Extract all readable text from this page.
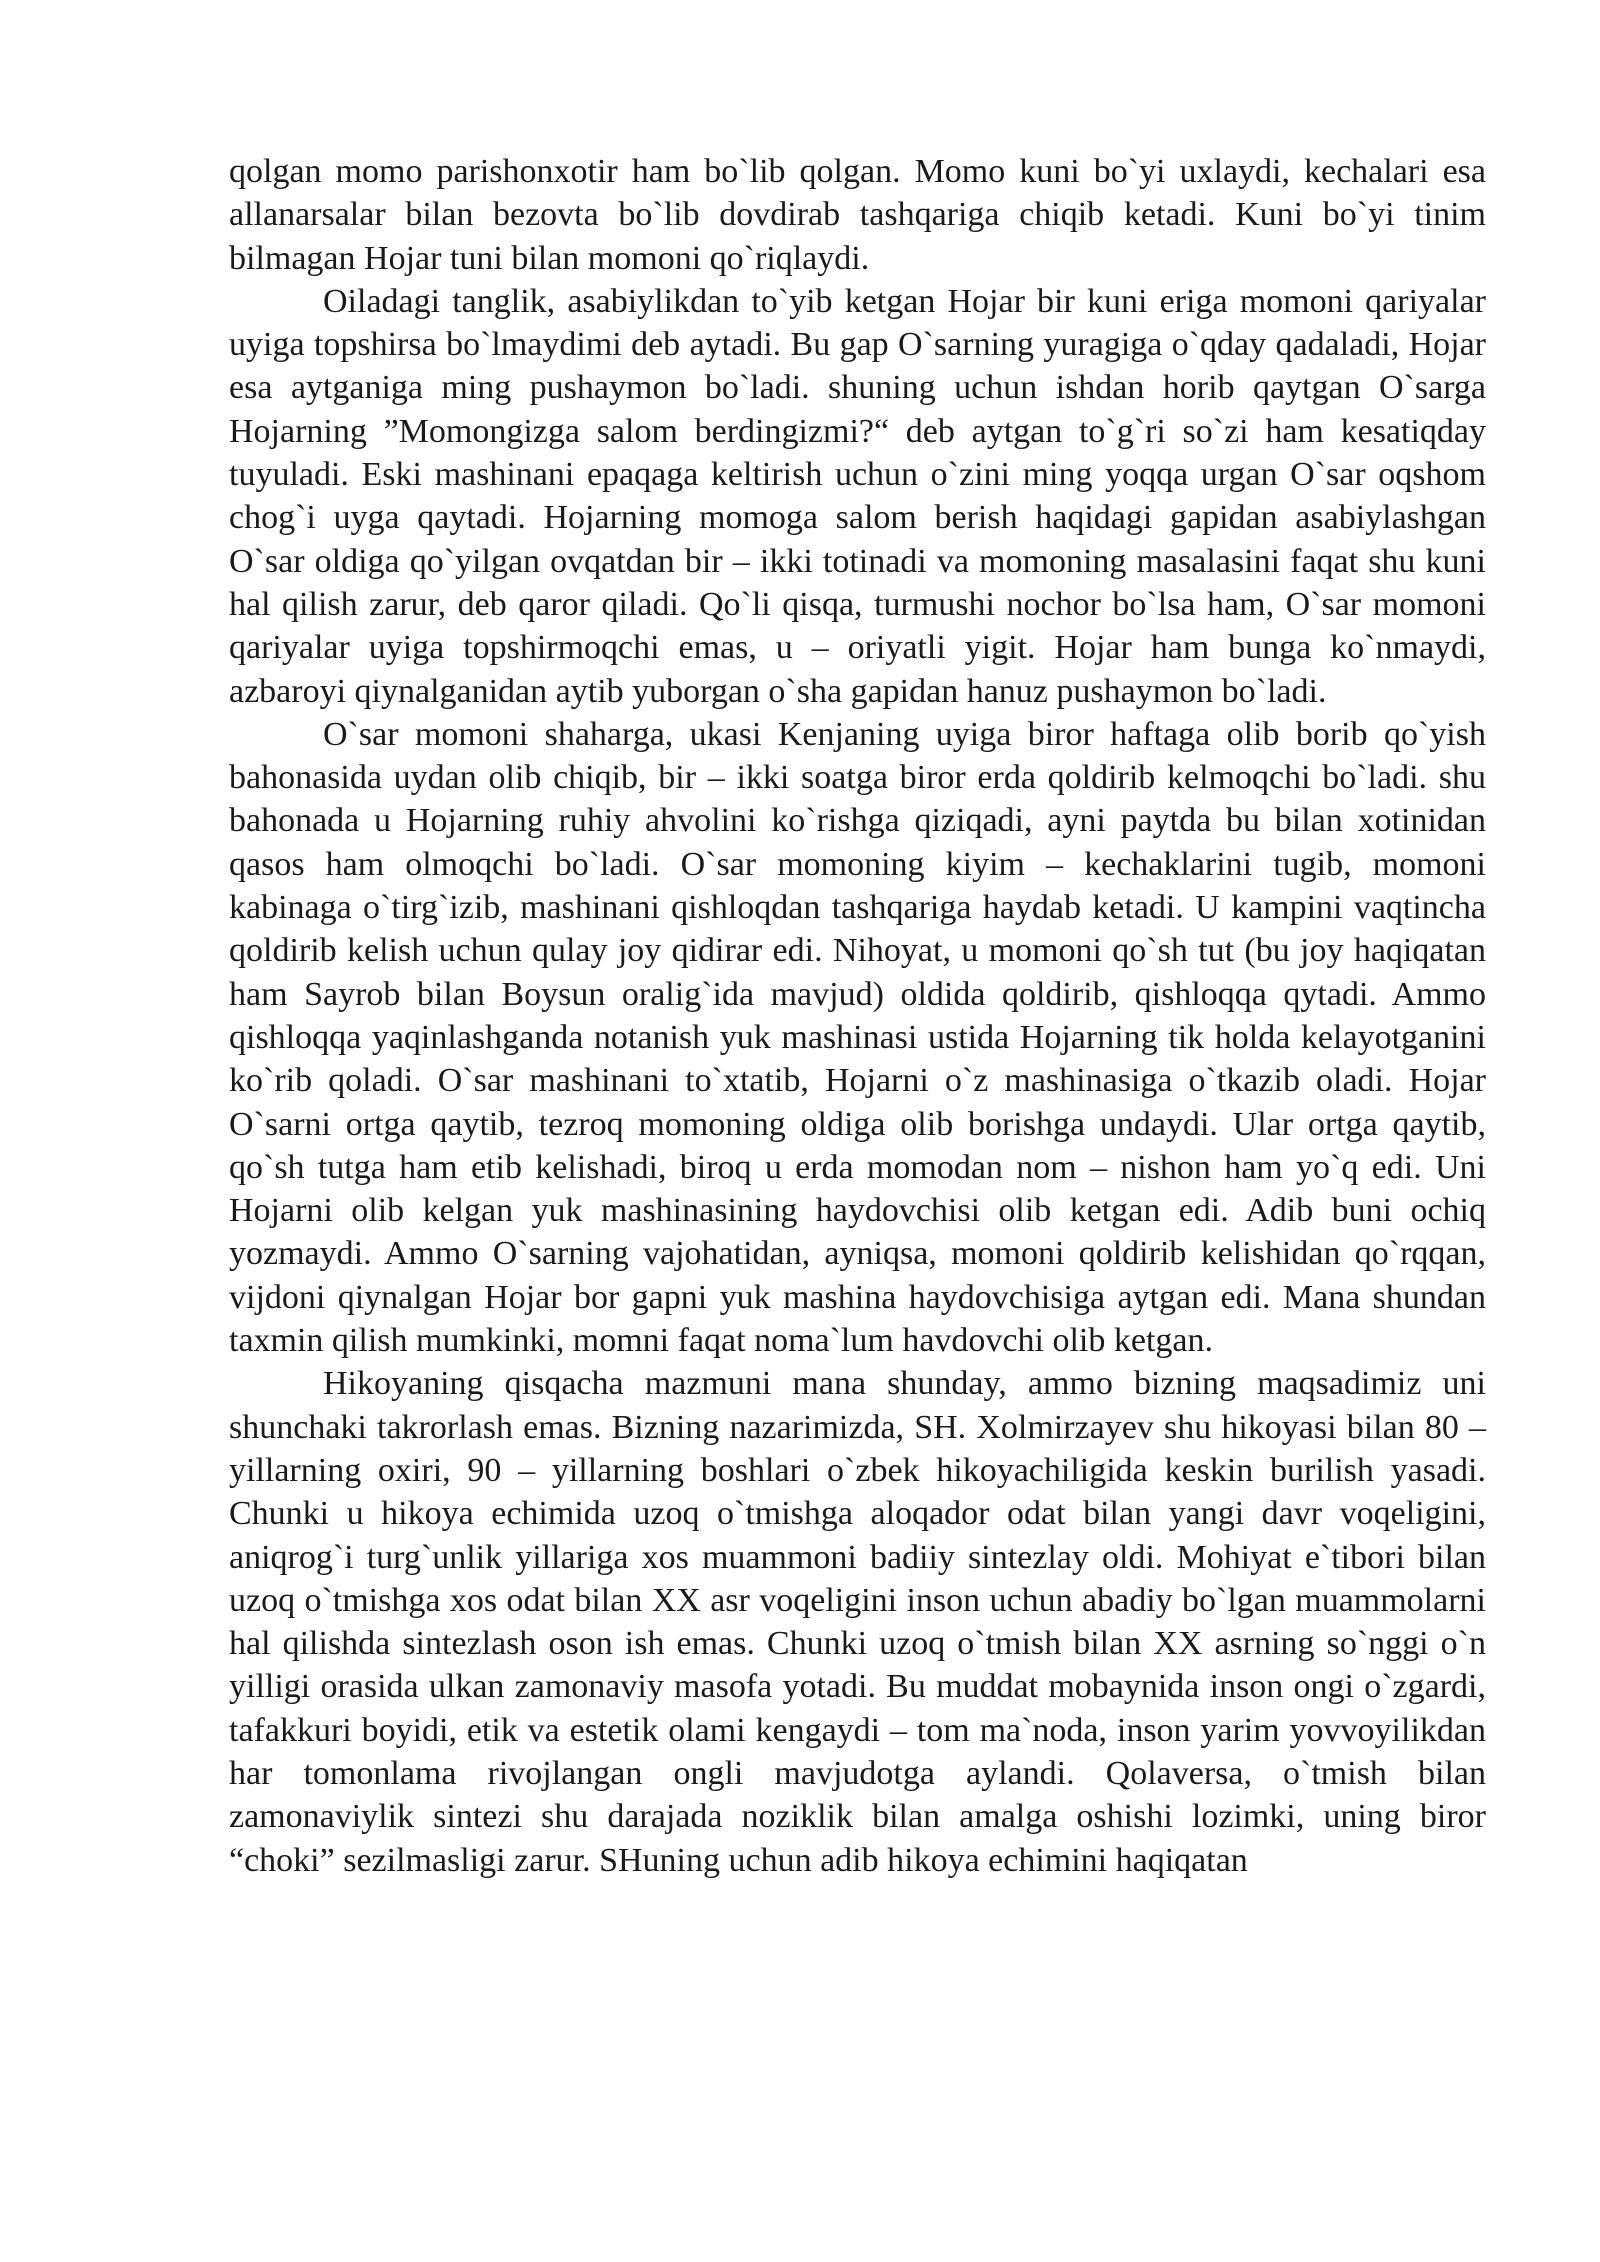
qolgan momo parishonxotir ham bo`lib qolgan. Momo kuni bo`yi uxlaydi, kechalari esa allanarsalar bilan bezovta bo`lib dovdirab tashqariga chiqib ketadi. Kuni bo`yi tinim bilmagan Hojar tuni bilan momoni qo`riqlaydi.

Oiladagi tanglik, asabiylikdan to`yib ketgan Hojar bir kuni eriga momoni qariyalar uyiga topshirsa bo`lmaydimi deb aytadi. Bu gap O`sarning yuragiga o`qday qadaladi, Hojar esa aytganiga ming pushaymon bo`ladi. shuning uchun ishdan horib qaytgan O`sarga Hojarning ”Momongizga salom berdingizmi?“ deb aytgan to`g`ri so`zi ham kesatiqday tuyuladi. Eski mashinani epaqaga keltirish uchun o`zini ming yoqqa urgan O`sar oqshom chog`i uyga qaytadi. Hojarning momoga salom berish haqidagi gapidan asabiylashgan O`sar oldiga qo`yilgan ovqatdan bir – ikki totinadi va momoning masalasini faqat shu kuni hal qilish zarur, deb qaror qiladi. Qo`li qisqa, turmushi nochor bo`lsa ham, O`sar momoni qariyalar uyiga topshirmoqchi emas, u – oriyatli yigit. Hojar ham bunga ko`nmaydi, azbaroyi qiynalganidan aytib yuborgan o`sha gapidan hanuz pushaymon bo`ladi.

O`sar momoni shaharga, ukasi Kenjaning uyiga biror haftaga olib borib qo`yish bahonasida uydan olib chiqib, bir – ikki soatga biror erda qoldirib kelmoqchi bo`ladi. shu bahonada u Hojarning ruhiy ahvolini ko`rishga qiziqadi, ayni paytda bu bilan xotinidan qasos ham olmoqchi bo`ladi. O`sar momoning kiyim – kechaklarini tugib, momoni kabinaga o`tirg`izib, mashinani qishloqdan tashqariga haydab ketadi. U kampini vaqtincha qoldirib kelish uchun qulay joy qidirar edi. Nihoyat, u momoni qo`sh tut (bu joy haqiqatan ham Sayrob bilan Boysun oralig`ida mavjud) oldida qoldirib, qishloqqa qytadi. Ammo qishloqqa yaqinlashganda notanish yuk mashinasi ustida Hojarning tik holda kelayotganini ko`rib qoladi. O`sar mashinani to`xtatib, Hojarni o`z mashinasiga o`tkazib oladi. Hojar O`sarni ortga qaytib, tezroq momoning oldiga olib borishga undaydi. Ular ortga qaytib, qo`sh tutga ham etib kelishadi, biroq u erda momodan nom – nishon ham yo`q edi. Uni Hojarni olib kelgan yuk mashinasining haydovchisi olib ketgan edi. Adib buni ochiq yozmaydi. Ammo O`sarning vajohatidan, ayniqsa, momoni qoldirib kelishidan qo`rqqan, vijdoni qiynalgan Hojar bor gapni yuk mashina haydovchisiga aytgan edi. Mana shundan taxmin qilish mumkinki, momni faqat noma`lum havdovchi olib ketgan.

Hikoyaning qisqacha mazmuni mana shunday, ammo bizning maqsadimiz uni shunchaki takrorlash emas. Bizning nazarimizda, SH. Xolmirzayev shu hikoyasi bilan 80 – yillarning oxiri, 90 – yillarning boshlari o`zbek hikoyachiligida keskin burilish yasadi. Chunki u hikoya echimida uzoq o`tmishga aloqador odat bilan yangi davr voqeligini, aniqrog`i turg`unlik yillariga xos muammoni badiiy sintezlay oldi. Mohiyat e`tibori bilan uzoq o`tmishga xos odat bilan XX asr voqeligini inson uchun abadiy bo`lgan muammolarni hal qilishda sintezlash oson ish emas. Chunki uzoq o`tmish bilan XX asrning so`nggi o`n yilligi orasida ulkan zamonaviy masofa yotadi. Bu muddat mobaynida inson ongi o`zgardi, tafakkuri boyidi, etik va estetik olami kengaydi – tom ma`noda, inson yarim yovvoyilikdan har tomonlama rivojlangan ongli mavjudotga aylandi. Qolaversa, o`tmish bilan zamonaviylik sintezi shu darajada noziklik bilan amalga oshishi lozimki, uning biror “choki” sezilmasligi zarur. SHuning uchun adib hikoya echimini haqiqatan
